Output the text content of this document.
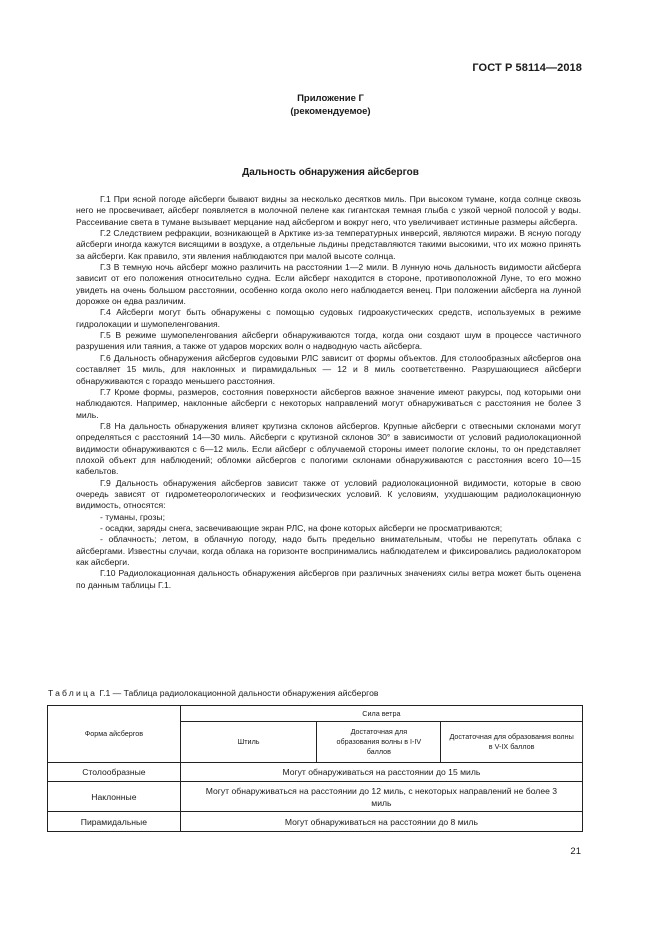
ГОСТ Р 58114—2018
Приложение Г
(рекомендуемое)
Дальность обнаружения айсбергов

Г.1 При ясной погоде айсберги бывают видны за несколько десятков миль. При высоком тумане, когда солнце сквозь него не просвечивает, айсберг появляется в молочной пелене как гигантская темная глыба с узкой черной полосой у воды. Рассеивание света в тумане вызывает мерцание над айсбергом и вокруг него, что увеличивает истинные размеры айсберга.

Г.2 Следствием рефракции, возникающей в Арктике из-за температурных инверсий, являются миражи. В ясную погоду айсберги иногда кажутся висящими в воздухе, а отдельные льдины представляются такими высокими, что их можно принять за айсберги. Как правило, эти явления наблюдаются при малой высоте солнца.

Г.3 В темную ночь айсберг можно различить на расстоянии 1—2 мили. В лунную ночь дальность видимости айсберга зависит от его положения относительно судна. Если айсберг находится в стороне, противоположной Луне, то его можно увидеть на очень большом расстоянии, особенно когда около него наблюдается венец. При положении айсберга на лунной дорожке он едва различим.

Г.4 Айсберги могут быть обнаружены с помощью судовых гидроакустических средств, используемых в режиме гидролокации и шумопеленгования.

Г.5 В режиме шумопеленгования айсберги обнаруживаются тогда, когда они создают шум в процессе частичного разрушения или таяния, а также от ударов морских волн о надводную часть айсберга.

Г.6 Дальность обнаружения айсбергов судовыми РЛС зависит от формы объектов. Для столообразных айсбергов она составляет 15 миль, для наклонных и пирамидальных — 12 и 8 миль соответственно. Разрушающиеся айсберги обнаруживаются с гораздо меньшего расстояния.

Г.7 Кроме формы, размеров, состояния поверхности айсбергов важное значение имеют ракурсы, под которыми они наблюдаются. Например, наклонные айсберги с некоторых направлений могут обнаруживаться с расстояния не более 3 миль.

Г.8 На дальность обнаружения влияет крутизна склонов айсбергов. Крупные айсберги с отвесными склонами могут определяться с расстояний 14—30 миль. Айсберги с крутизной склонов 30° в зависимости от условий радиолокационной видимости обнаруживаются с 6—12 миль. Если айсберг с облучаемой стороны имеет пологие склоны, то он представляет плохой объект для наблюдений; обломки айсбергов с пологими склонами обнаруживаются с расстояния всего 10—15 кабельтов.

Г.9 Дальность обнаружения айсбергов зависит также от условий радиолокационной видимости, которые в свою очередь зависят от гидрометеорологических и геофизических условий. К условиям, ухудшающим радиолокационную видимость, относятся:

- туманы, грозы;

- осадки, заряды снега, засвечивающие экран РЛС, на фоне которых айсберги не просматриваются;

- облачность; летом, в облачную погоду, надо быть предельно внимательным, чтобы не перепутать облака с айсбергами. Известны случаи, когда облака на горизонте воспринимались наблюдателем и фиксировались радиолокатором как айсберги.

Г.10 Радиолокационная дальность обнаружения айсбергов при различных значениях силы ветра может быть оценена по данным таблицы Г.1.

Таблица Г.1 — Таблица радиолокационной дальности обнаружения айсбергов
Форма айсбергов	Сила ветра		
	Штиль	Достаточная для образования волны в I-IV баллов	Достаточная для образования волны в V-IX баллов
Столообразные	Могут обнаруживаться на расстоянии до 15 миль		
Наклонные	Могут обнаруживаться на расстоянии до 12 миль, с некоторых направлений не более 3 миль		
Пирамидальные	Могут обнаруживаться на расстоянии до 8 миль		
21
